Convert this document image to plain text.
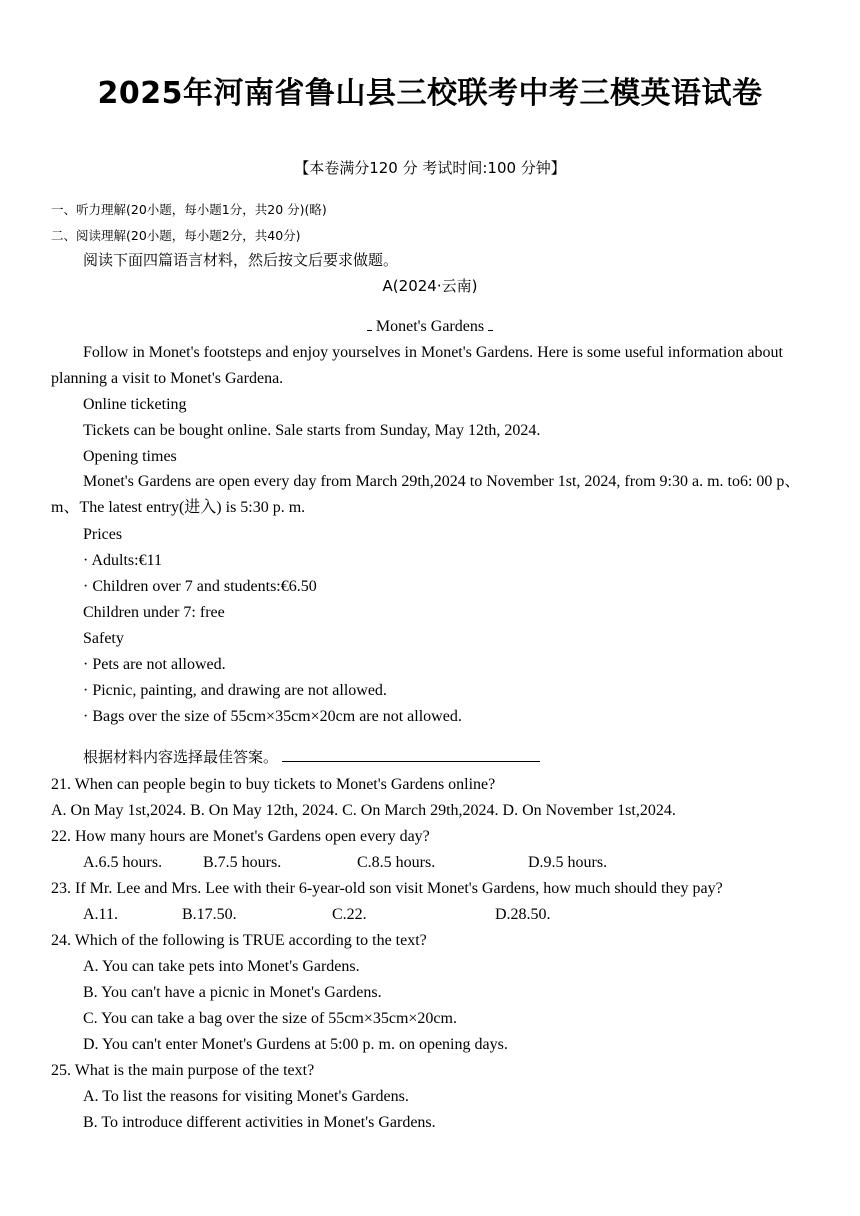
2025年河南省鲁山县三校联考中考三模英语试卷
【本卷满分120 分 考试时间:100 分钟】
一、听力理解(20小题，每小题1分，共20 分)(略)
二、阅读理解(20小题，每小题2分，共40分)
阅读下面四篇语言材料，然后按文后要求做题。
A(2024·云南)
Monet's Gardens
Follow in Monet's footsteps and enjoy yourselves in Monet's Gardens. Here is some useful information about planning a visit to Monet's Gardena.
Online ticketing
Tickets can be bought online. Sale starts from Sunday, May 12th, 2024.
Opening times
Monet's Gardens are open every day from March 29th,2024 to November 1st, 2024, from 9:30 a. m. to6: 00 p、m、The latest entry(进入) is 5:30 p. m.
Prices
· Adults:€11
· Children over 7 and students:€6.50
Children under 7: free
Safety
· Pets are not allowed.
· Picnic, painting, and drawing are not allowed.
· Bags over the size of 55cm×35cm×20cm are not allowed.
根据材料内容选择最佳答案。
21. When can people begin to buy tickets to Monet's Gardens online?
A. On May 1st,2024. B. On May 12th, 2024. C. On March 29th,2024. D. On November 1st,2024.
22. How many hours are Monet's Gardens open every day?
A.6.5 hours.	B.7.5 hours.	C.8.5 hours.	D.9.5 hours.
23. If Mr. Lee and Mrs. Lee with their 6-year-old son visit Monet's Gardens, how much should they pay?
A.11.	B.17.50.	C.22.	D.28.50.
24. Which of the following is TRUE according to the text?
A. You can take pets into Monet's Gardens.
B. You can't have a picnic in Monet's Gardens.
C. You can take a bag over the size of 55cm×35cm×20cm.
D. You can't enter Monet's Gurdens at 5:00 p. m. on opening days.
25. What is the main purpose of the text?
A. To list the reasons for visiting Monet's Gardens.
B. To introduce different activities in Monet's Gardens.
